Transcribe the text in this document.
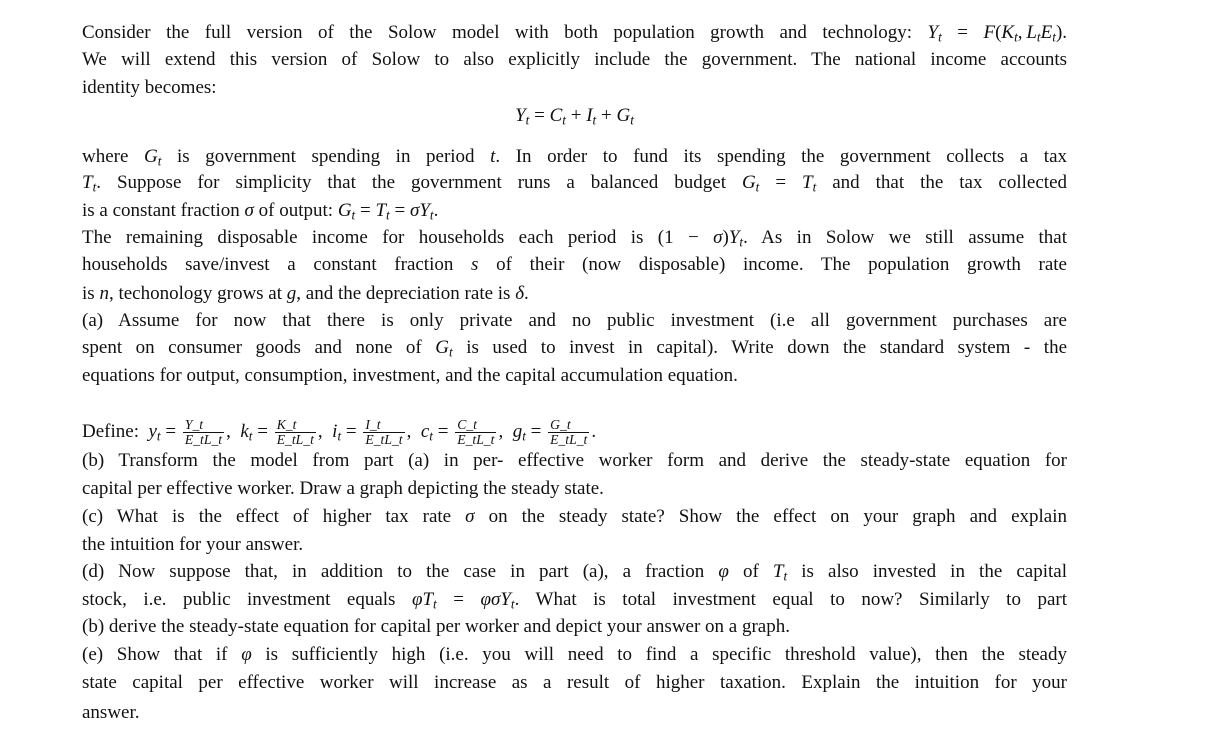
Consider the full version of the Solow model with both population growth and technology: $Y_t = F(K_t$, $L_tE_t$).
We will extend this version of Solow to also explicitly include the government. The national income accounts
identity becomes:
$Y_t = C_t + I_t + G_t$
where $G_t$ is government spending in period t. In order to fund its spending the government collects a tax
$T_t$. Suppose for simplicity that the government runs a balanced budget $G_t = T_t$ and that the tax collected
is a constant fraction σ of output: $G_t = T_t = \sigma Y_t$.
The remaining disposable income for households each period is $(1 - \sigma)Y_t$. As in Solow we still assume that
households save/invest a constant fraction s of their (now disposable) income. The population growth rate
is n, techonology grows at g, and the depreciation rate is δ.
(a) Assume for now that there is only private and no public investment (i.e all government purchases are
spent on consumer goods and none of $G_t$ is used to invest in capital). Write down the standard system - the
equations for output, consumption, investment, and the capital accumulation equation.
Define: $y_t = \frac{Y\_t}{E\_tL\_t}$ ,  $k_t = \frac{K\_t}{E\_tL\_t}$ ,  $i_t = \frac{I\_t}{E\_tL\_t}$ ,  $c_t = \frac{C\_t}{E\_tL\_t}$ ,  $g_t = \frac{G\_t}{E\_tL\_t}$ .
(b) Transform the model from part (a) in per- effective worker form and derive the steady-state equation for
capital per effective worker. Draw a graph depicting the steady state.
(c) What is the effect of higher tax rate σ on the steady state? Show the effect on your graph and explain
the intuition for your answer.
(d) Now suppose that, in addition to the case in part (a), a fraction φ of $T_t$ is also invested in the capital
stock, i.e. public investment equals $\varphi T_t = \varphi\sigma Y_t$. What is total investment equal to now? Similarly to part
(b) derive the steady-state equation for capital per worker and depict your answer on a graph.
(e) Show that if φ is sufficiently high (i.e. you will need to find a specific threshold value), then the steady
state capital per effective worker will increase as a result of higher taxation. Explain the intuition for your
answer.
